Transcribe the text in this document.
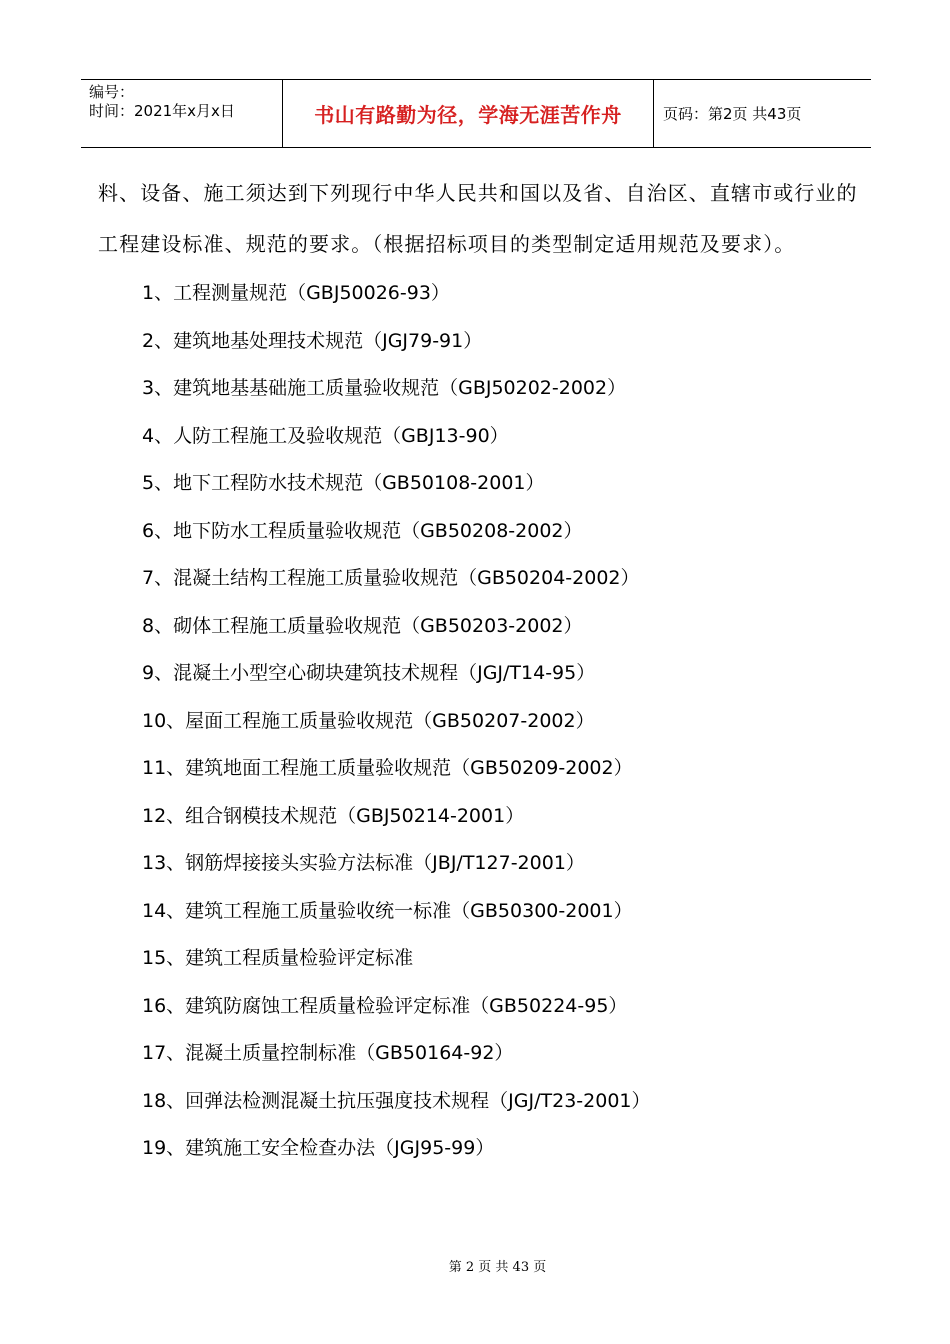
编号：
时间：2021年x月x日	书山有路勤为径，学海无涯苦作舟	页码：第2页 共43页

料、设备、施工须达到下列现行中华人民共和国以及省、自治区、直辖市或行业的工程建设标准、规范的要求。（根据招标项目的类型制定适用规范及要求）。

1、工程测量规范（GBJ50026-93）
2、建筑地基处理技术规范（JGJ79-91）
3、建筑地基基础施工质量验收规范（GBJ50202-2002）
4、人防工程施工及验收规范（GBJ13-90）
5、地下工程防水技术规范（GB50108-2001）
6、地下防水工程质量验收规范（GB50208-2002）
7、混凝土结构工程施工质量验收规范（GB50204-2002）
8、砌体工程施工质量验收规范（GB50203-2002）
9、混凝土小型空心砌块建筑技术规程（JGJ/T14-95）
10、屋面工程施工质量验收规范（GB50207-2002）
11、建筑地面工程施工质量验收规范（GB50209-2002）
12、组合钢模技术规范（GBJ50214-2001）
13、钢筋焊接接头实验方法标准（JBJ/T127-2001）
14、建筑工程施工质量验收统一标准（GB50300-2001）
15、建筑工程质量检验评定标准
16、建筑防腐蚀工程质量检验评定标准（GB50224-95）
17、混凝土质量控制标准（GB50164-92）
18、回弹法检测混凝土抗压强度技术规程（JGJ/T23-2001）
19、建筑施工安全检查办法（JGJ95-99）
第 2 页 共 43 页
